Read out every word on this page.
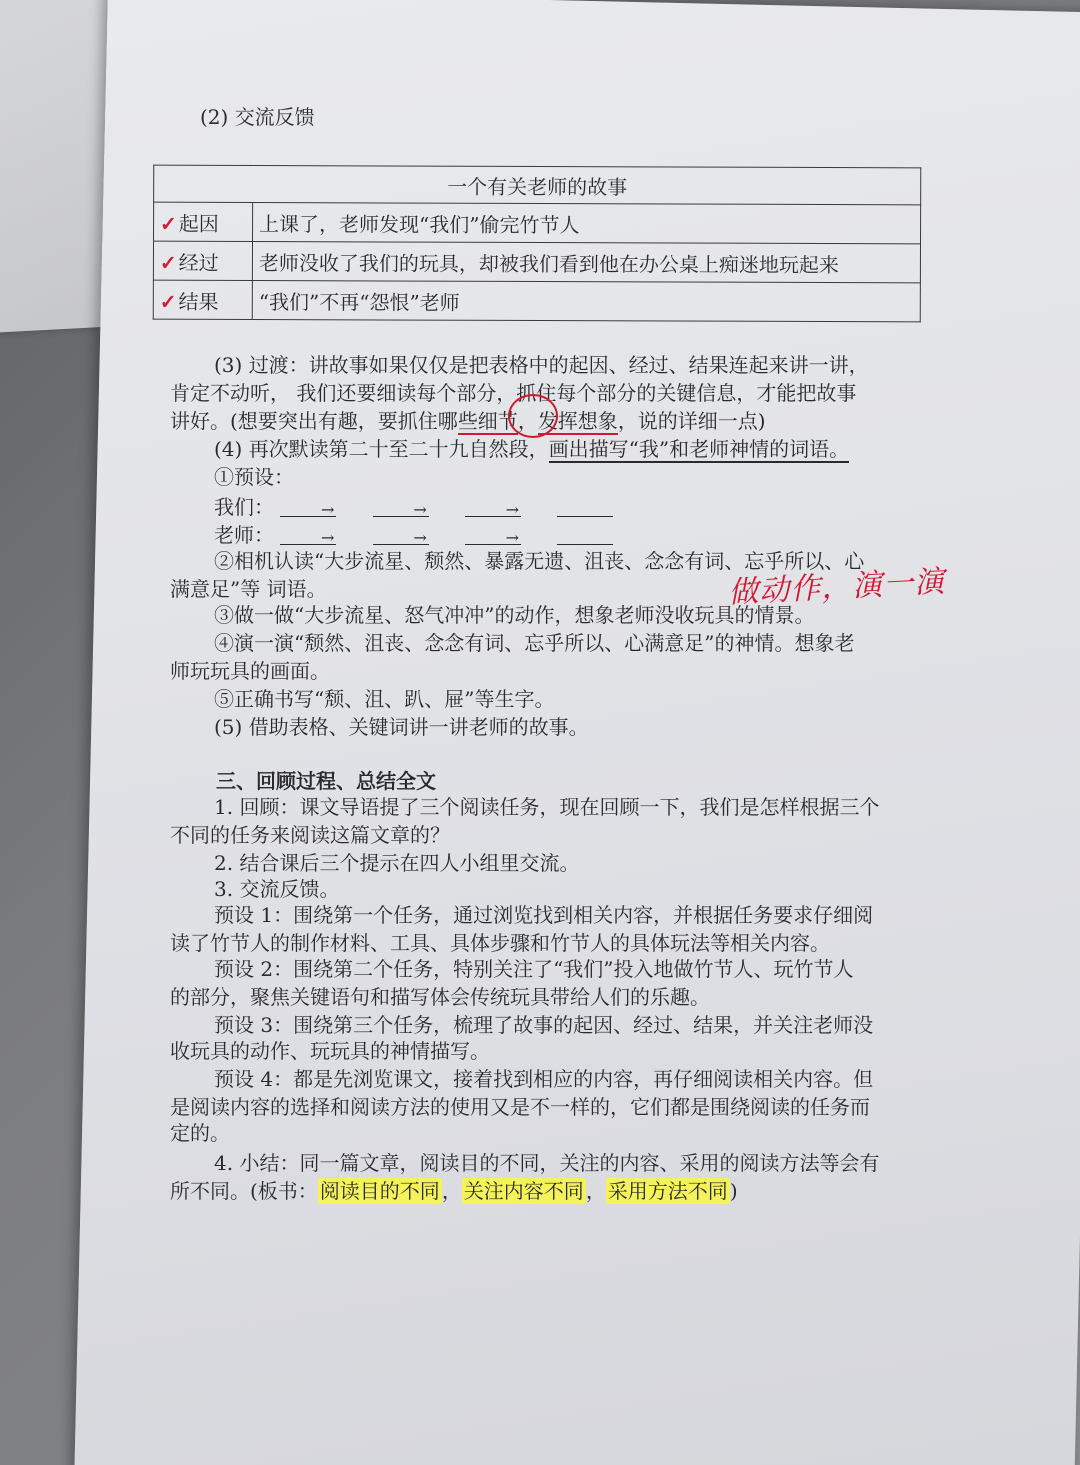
(2) 交流反馈
一个有关老师的故事	
✓起因	上课了，老师发现“我们”偷完竹节人
✓经过	老师没收了我们的玩具，却被我们看到他在办公桌上痴迷地玩起来
✓结果	“我们”不再“怨恨”老师
(3) 过渡：讲故事如果仅仅是把表格中的起因、经过、结果连起来讲一讲，
肯定不动听， 我们还要细读每个部分，抓住每个部分的关键信息，才能把故事
讲好。(想要突出有趣，要抓住哪些细节，发挥想象，说的详细一点)
(4) 再次默读第二十至二十九自然段，画出描写“我”和老师神情的词语。
①预设：
我们：	→
	→
	→

老师：	→
	→
	→

②相机认读“大步流星、颓然、暴露无遗、沮丧、念念有词、忘乎所以、心
满意足”等 词语。	做动作，演一演
③做一做“大步流星、怒气冲冲”的动作，想象老师没收玩具的情景。
④演一演“颓然、沮丧、念念有词、忘乎所以、心满意足”的神情。想象老
师玩玩具的画面。
⑤正确书写“颓、沮、趴、屉”等生字。
(5) 借助表格、关键词讲一讲老师的故事。
三、回顾过程、总结全文
1. 回顾：课文导语提了三个阅读任务，现在回顾一下，我们是怎样根据三个
不同的任务来阅读这篇文章的？
2. 结合课后三个提示在四人小组里交流。
3. 交流反馈。
预设 1：围绕第一个任务，通过浏览找到相关内容，并根据任务要求仔细阅
读了竹节人的制作材料、工具、具体步骤和竹节人的具体玩法等相关内容。
预设 2：围绕第二个任务，特别关注了“我们”投入地做竹节人、玩竹节人
的部分，聚焦关键语句和描写体会传统玩具带给人们的乐趣。
预设 3：围绕第三个任务，梳理了故事的起因、经过、结果，并关注老师没
收玩具的动作、玩玩具的神情描写。
预设 4：都是先浏览课文，接着找到相应的内容，再仔细阅读相关内容。但
是阅读内容的选择和阅读方法的使用又是不一样的，它们都是围绕阅读的任务而
定的。
4. 小结：同一篇文章，阅读目的不同，关注的内容、采用的阅读方法等会有
所不同。(板书： 阅读目的不同 ， 关注内容不同 ， 采用方法不同 )
